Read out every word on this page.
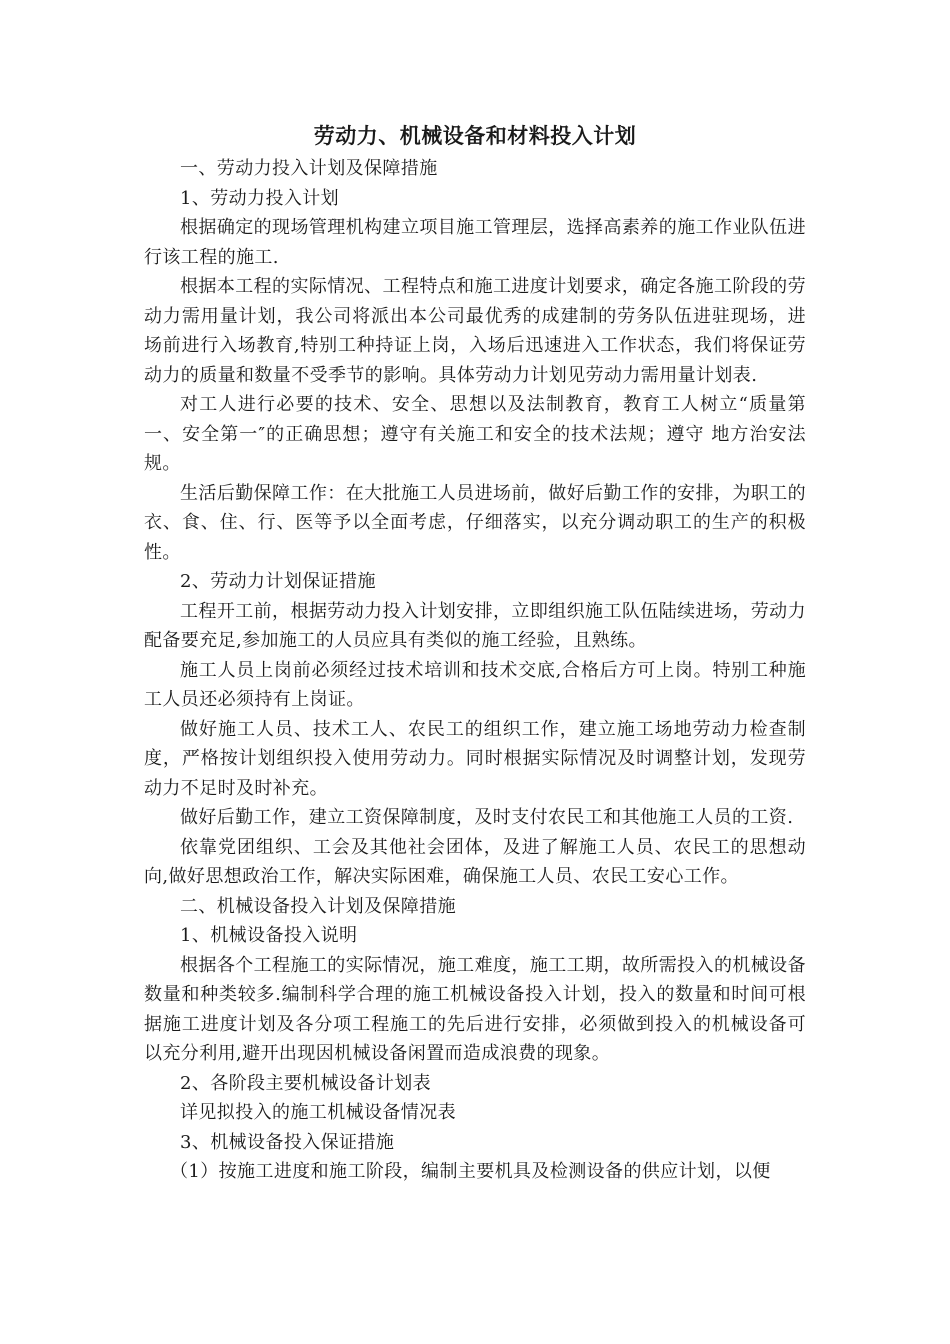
劳动力、机械设备和材料投入计划

一、劳动力投入计划及保障措施

1、劳动力投入计划

根据确定的现场管理机构建立项目施工管理层，选择高素养的施工作业队伍进行该工程的施工.

根据本工程的实际情况、工程特点和施工进度计划要求，确定各施工阶段的劳动力需用量计划，我公司将派出本公司最优秀的成建制的劳务队伍进驻现场，进场前进行入场教育,特别工种持证上岗，入场后迅速进入工作状态，我们将保证劳动力的质量和数量不受季节的影响。具体劳动力计划见劳动力需用量计划表.

对工人进行必要的技术、安全、思想以及法制教育，教育工人树立“质量第一、安全第一″的正确思想；遵守有关施工和安全的技术法规；遵守 地方治安法规。

生活后勤保障工作：在大批施工人员进场前，做好后勤工作的安排，为职工的衣、食、住、行、医等予以全面考虑，仔细落实，以充分调动职工的生产的积极性。

2、劳动力计划保证措施

工程开工前，根据劳动力投入计划安排，立即组织施工队伍陆续进场，劳动力配备要充足,参加施工的人员应具有类似的施工经验，且熟练。

施工人员上岗前必须经过技术培训和技术交底,合格后方可上岗。特别工种施工人员还必须持有上岗证。

做好施工人员、技术工人、农民工的组织工作，建立施工场地劳动力检查制度，严格按计划组织投入使用劳动力。同时根据实际情况及时调整计划，发现劳动力不足时及时补充。

做好后勤工作，建立工资保障制度，及时支付农民工和其他施工人员的工资.

依靠党团组织、工会及其他社会团体，及进了解施工人员、农民工的思想动向,做好思想政治工作，解决实际困难，确保施工人员、农民工安心工作。

二、机械设备投入计划及保障措施

1、机械设备投入说明

根据各个工程施工的实际情况，施工难度，施工工期，故所需投入的机械设备数量和种类较多.编制科学合理的施工机械设备投入计划，投入的数量和时间可根据施工进度计划及各分项工程施工的先后进行安排，必须做到投入的机械设备可以充分利用,避开出现因机械设备闲置而造成浪费的现象。

2、各阶段主要机械设备计划表

详见拟投入的施工机械设备情况表

3、机械设备投入保证措施

（1）按施工进度和施工阶段，编制主要机具及检测设备的供应计划，以便
